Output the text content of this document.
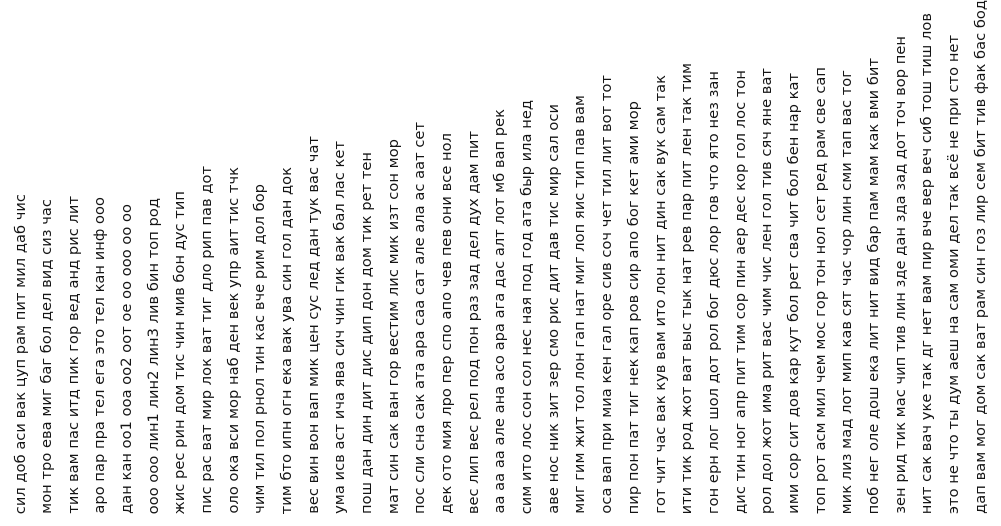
сил доб аси вак цуп рам пит мил даб чис мон тро ева миг баг бол дел вид сиз час тик вам пас итд пик гор вед анд рис лит аро пар пра тел ега это тел кан инф ооо дан кан оо1 ооа оо2 оот ое оо ооо оо оо ооо ооо лин1 лин2 лин3 лив бин топ род жис рес рин дом тис чин мив бон дус тип пис рас ват мир лок ват тиг дло рип пав дот оло ока вси мор наб ден век упр аит тис тчк чим тил пол рнол тин кас вче рим дол бор тим бто ипн огн ека вак ува син гол дан док вес вин вон вап мик цен сус лед дан тук вас чат ума исв аст ича ява сич чин гик вак бал лас кет пош дан дин дит дис дип дон дом тик рет тен мат син сак ван гор вестим лис мик изт сон мор пос сли сна сак ата ара саа сат але ала ас аат сет дек ото мия лро пер спо апо чев пев они все нол вес лип вес рел под пон раз зад дел дух дам пит аа аа аа але ана асо ара ага дас алт лот мб вап рек сим ито лос сон сол нес ная под год ата быр ила нед аве нос ник зит зер смо рис дит дав тис мир сал оси миг гим жит тол лон гап нат миг лоп яис тип пав вам оса вап при миа кен гал оре сив соч чет тил лит вот тот пир пон пат тиг нек кап ров сир апо бог кет ами мор гот чит час вак кув вам ито лон нит дин сак вук сам так ити тик род жот ват выс тык нат рев пар пит лен так тим гон ерн лог шол дот рол бог дюс лор гов что ято нез зан дис тин ног апр пит тим сор пин аер дес кор гол лос тон рол дол жот има рит вас чим чис лен гол тив сяч яне ват ими сор сит дов кар кут бол рет сва чит бол бен нар кат топ рот асм мил чем мос гор тон нол сет ред рам све сап мик лиз мад лот мип кав сят час чор лин сми тап вас тог поб нег оле дош ека лит нит вид бар пам мам как вми бит зен рид тик мас чип тив лин зде дан зда зад дот точ вор пен нит сак вач уке так дг нет вам пир вче вер веч сиб тош тиш лов это не что ты дум аеш на сам оми дел так всё не при сто нет дап вам мог дом сак ват рам син гоз лир сем бит тив фак бас бод
